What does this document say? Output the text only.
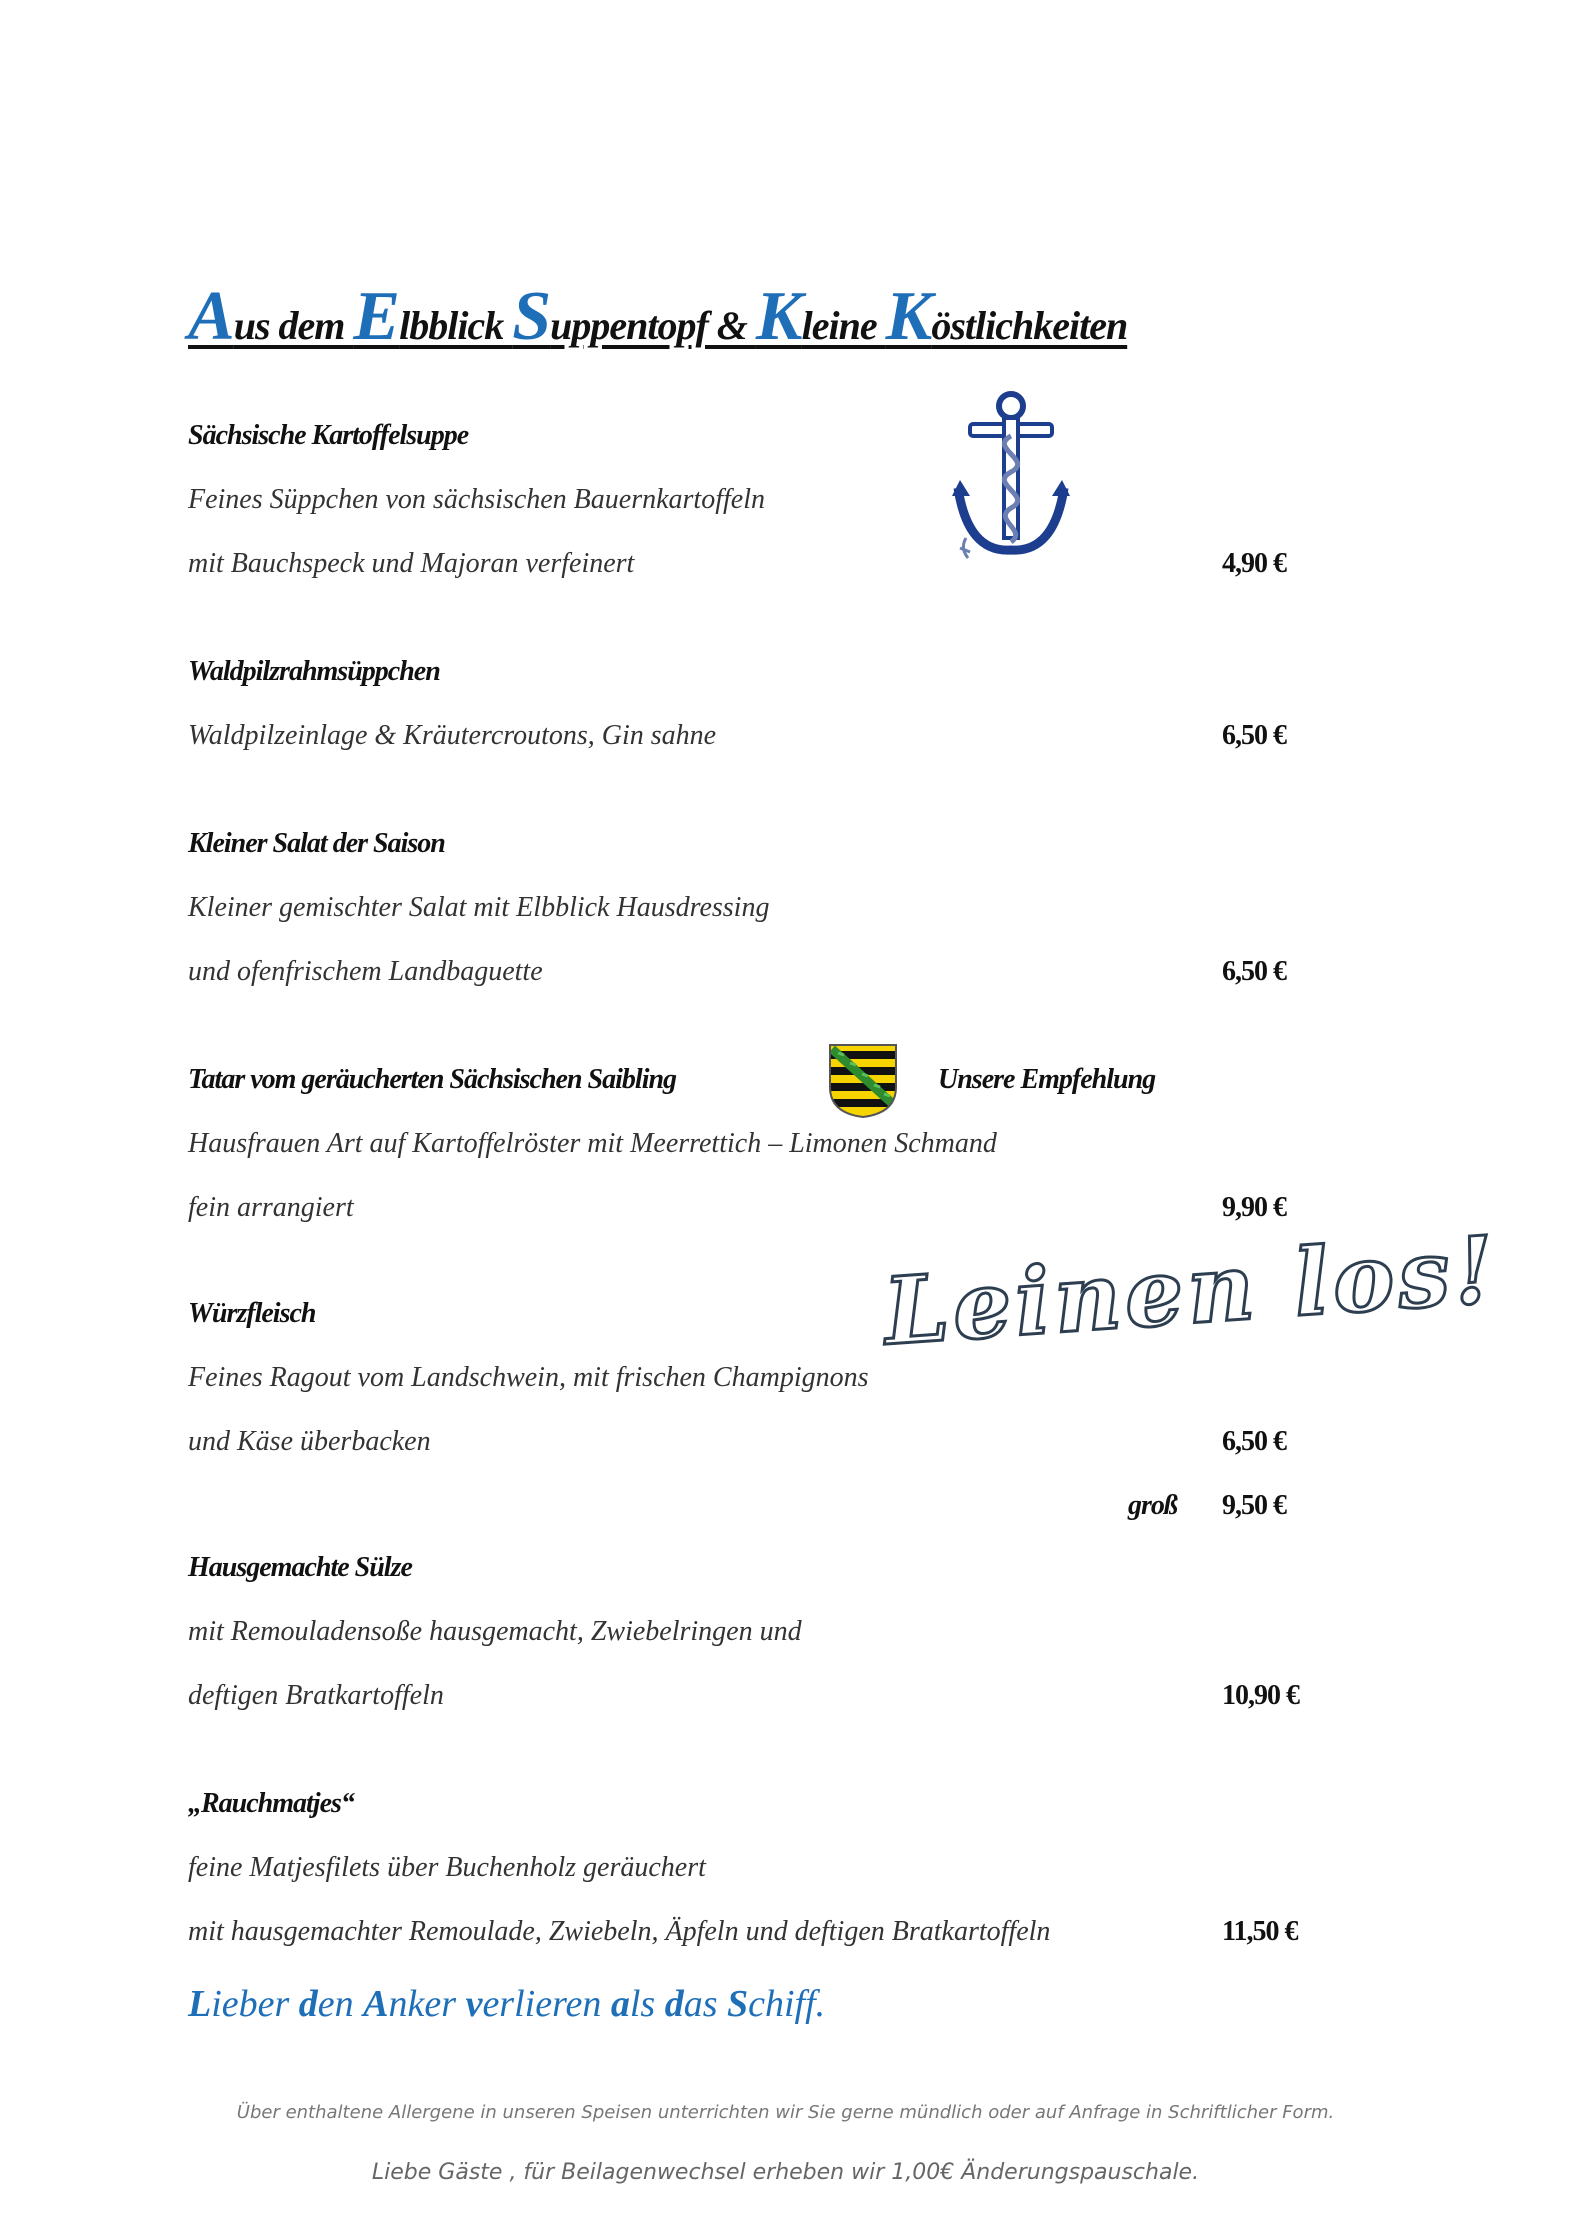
Aus dem Elbblick Suppentopf & Kleine Köstlichkeiten

Sächsische Kartoffelsuppe

Feines Süppchen von sächsischen Bauernkartoffeln

mit Bauchspeck und Majoran verfeinert	4,90 €

Waldpilzrahmsüppchen

Waldpilzeinlage & Kräutercroutons, Gin sahne	6,50 €

Kleiner Salat der Saison

Kleiner gemischter Salat mit Elbblick Hausdressing

und ofenfrischem Landbaguette	6,50 €

Tatar vom geräucherten Sächsischen Saibling	Unsere Empfehlung

Hausfrauen Art auf Kartoffelröster mit Meerrettich – Limonen Schmand

fein arrangiert	9,90 €

Würzfleisch	Leinen los!

Feines Ragout vom Landschwein, mit frischen Champignons

und Käse überbacken	6,50 €

groß 9,50 €

Hausgemachte Sülze

mit Remouladensoße hausgemacht, Zwiebelringen und

deftigen Bratkartoffeln	10,90 €

„Rauchmatjes“

feine Matjesfilets über Buchenholz geräuchert

mit hausgemachter Remoulade, Zwiebeln, Äpfeln und deftigen Bratkartoffeln	11,50 €

Lieber den Anker verlieren als das Schiff.

Über enthaltene Allergene in unseren Speisen unterrichten wir Sie gerne mündlich oder auf Anfrage in Schriftlicher Form.

Liebe Gäste , für Beilagenwechsel erheben wir 1,00€ Änderungspauschale.
